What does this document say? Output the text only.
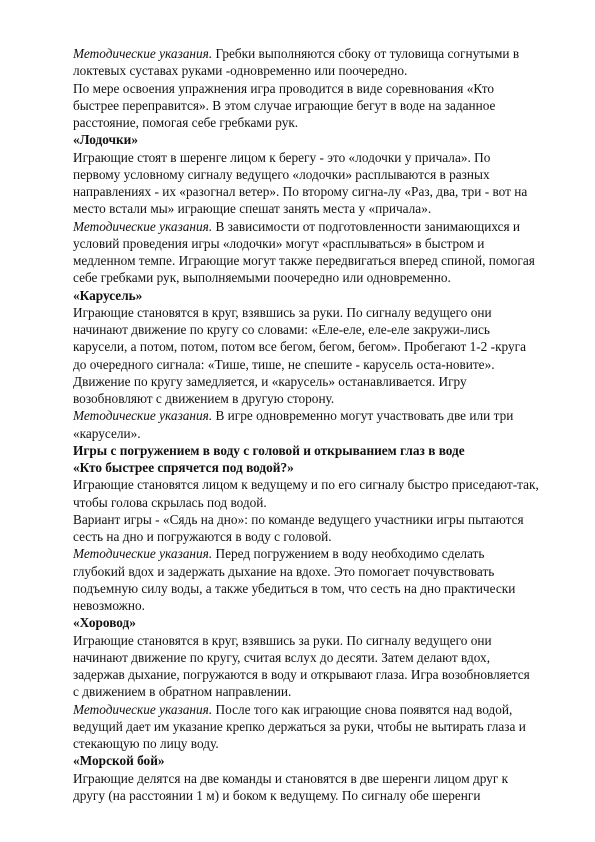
Методические указания. Гребки выполняются сбоку от туловища согнутыми в
локтевых суставах руками -одновременно или поочередно.

По мере освоения упражнения игра проводится в виде соревнования «Кто
быстрее переправится». В этом случае играющие бегут в воде на заданное
расстояние, помогая себе гребками рук.

«Лодочки»

Играющие стоят в шеренге лицом к берегу - это «лодочки у причала». По
первому условному сигналу ведущего «лодочки» расплываются в разных
направлениях - их «разогнал ветер». По второму сигна-лу «Раз, два, три - вот на
место встали мы» играющие спешат занять места у «причала».

Методические указания. В зависимости от подготовленности занимающихся и
условий проведения игры «лодочки» могут «расплываться» в быстром и
медленном темпе. Играющие могут также передвигаться вперед спиной, помогая
себе гребками рук, выполняемыми поочередно или одновременно.

«Карусель»

Играющие становятся в круг, взявшись за руки. По сигналу ведущего они
начинают движение по кругу со словами: «Еле-еле, еле-еле закружи-лись
карусели, а потом, потом, потом все бегом, бегом, бегом». Пробегают 1-2 -круга
до очередного сигнала: «Тише, тише, не спешите - карусель оста-новите».
Движение по кругу замедляется, и «карусель» останавливается. Игру
возобновляют с движением в другую сторону.

Методические указания. В игре одновременно могут участвовать две или три
«карусели».

Игры с погружением в воду с головой и открыванием глаз в воде

«Кто быстрее спрячется под водой?»

Играющие становятся лицом к ведущему и по его сигналу быстро приседают-так,
чтобы голова скрылась под водой.

Вариант игры - «Сядь на дно»: по команде ведущего участники игры пытаются
сесть на дно и погружаются в воду с головой.

Методические указания. Перед погружением в воду необходимо сделать
глубокий вдох и задержать дыхание на вдохе. Это помогает почувствовать
подъемную силу воды, а также убедиться в том, что сесть на дно практически
невозможно.

«Хоровод»

Играющие становятся в круг, взявшись за руки. По сигналу ведущего они
начинают движение по кругу, считая вслух до десяти. Затем делают вдох,
задержав дыхание, погружаются в воду и открывают глаза. Игра возобновляется
с движением в обратном направлении.

Методические указания. После того как играющие снова появятся над водой,
ведущий дает им указание крепко держаться за руки, чтобы не вытирать глаза и
стекающую по лицу воду.

«Морской бой»

Играющие делятся на две команды и становятся в две шеренги лицом друг к
другу (на расстоянии 1 м) и боком к ведущему. По сигналу обе шеренги
